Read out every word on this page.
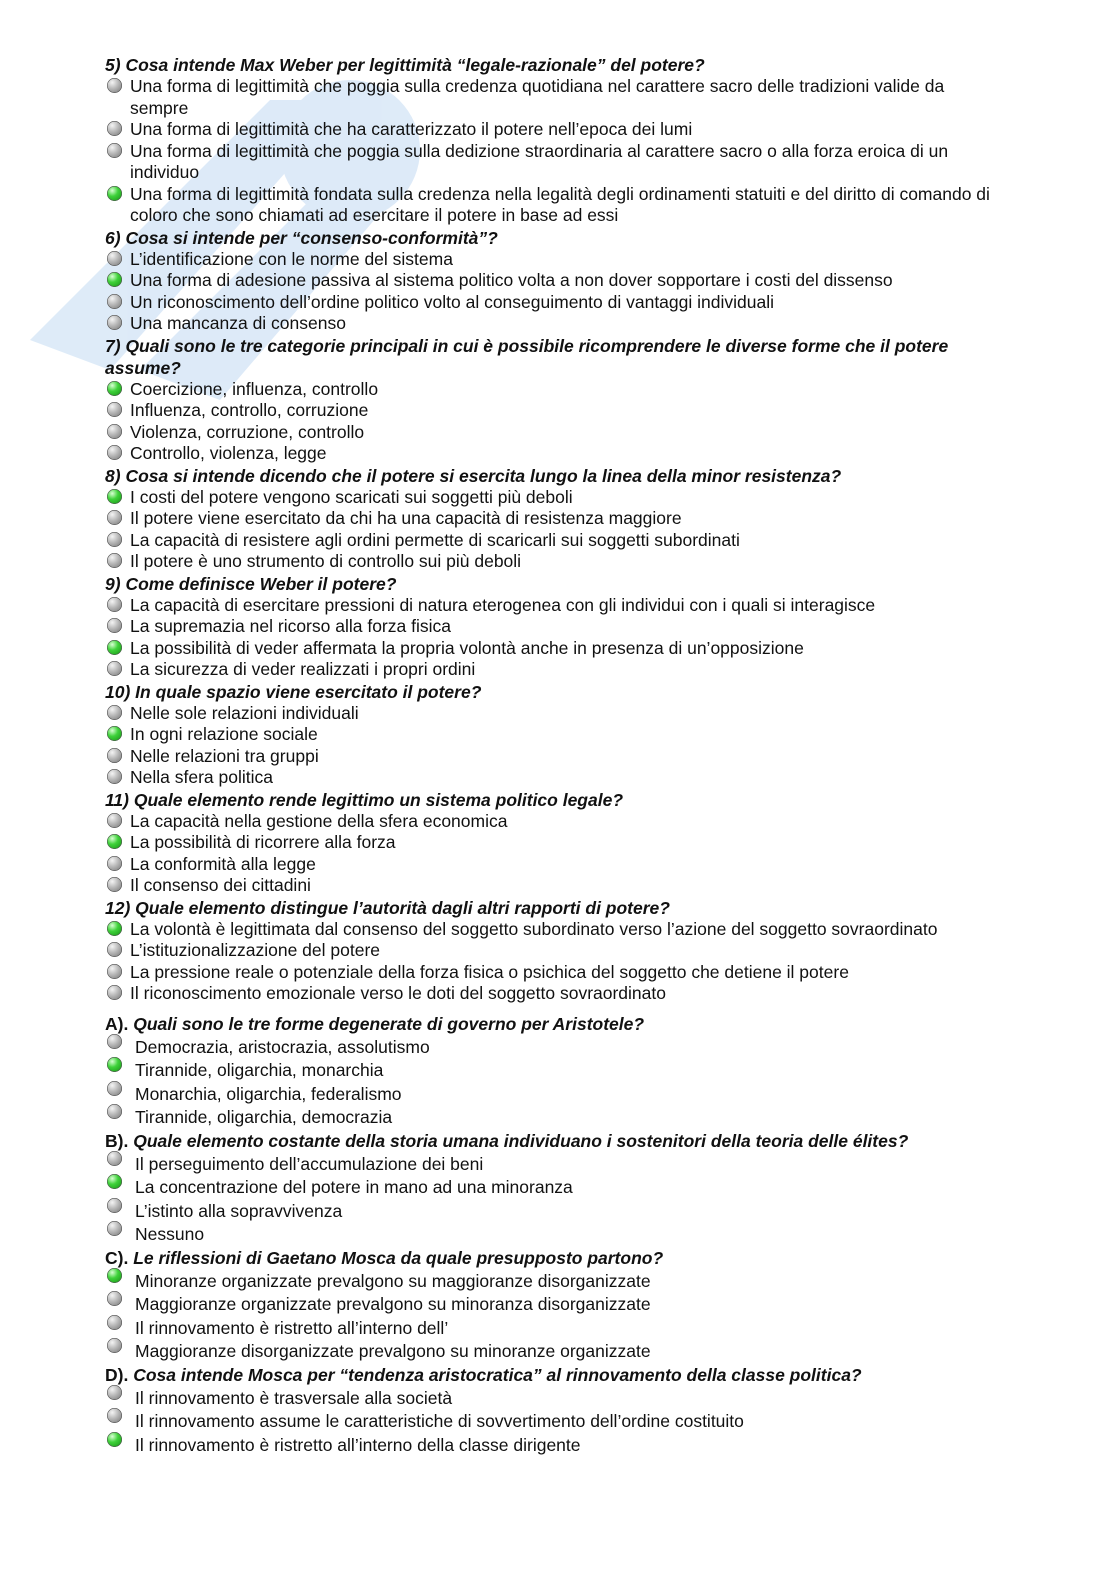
5) Cosa intende Max Weber per legittimità “legale-razionale” del potere?

Una forma di legittimità che poggia sulla credenza quotidiana nel carattere sacro delle tradizioni valide da sempre

Una forma di legittimità che ha caratterizzato il potere nell’epoca dei lumi

Una forma di legittimità che poggia sulla dedizione straordinaria al carattere sacro o alla forza eroica di un individuo

Una forma di legittimità fondata sulla credenza nella legalità degli ordinamenti statuiti e del diritto di comando di coloro che sono chiamati ad esercitare il potere in base ad essi

6) Cosa si intende per “consenso-conformità”?

L’identificazione con le norme del sistema

Una forma di adesione passiva al sistema politico volta a non dover sopportare i costi del dissenso

Un riconoscimento dell’ordine politico volto al conseguimento di vantaggi individuali

Una mancanza di consenso

7) Quali sono le tre categorie principali in cui è possibile ricomprendere le diverse forme che il potere assume?

Coercizione, influenza, controllo

Influenza, controllo, corruzione

Violenza, corruzione, controllo

Controllo, violenza, legge

8) Cosa si intende dicendo che il potere si esercita lungo la linea della minor resistenza?

I costi del potere vengono scaricati sui soggetti più deboli

Il potere viene esercitato da chi ha una capacità di resistenza maggiore

La capacità di resistere agli ordini permette di scaricarli sui soggetti subordinati

Il potere è uno strumento di controllo sui più deboli

9) Come definisce Weber il potere?

La capacità di esercitare pressioni di natura eterogenea con gli individui con i quali si interagisce

La supremazia nel ricorso alla forza fisica

La possibilità di veder affermata la propria volontà anche in presenza di un’opposizione

La sicurezza di veder realizzati i propri ordini

10) In quale spazio viene esercitato il potere?

Nelle sole relazioni individuali

In ogni relazione sociale

Nelle relazioni tra gruppi

Nella sfera politica

11) Quale elemento rende legittimo un sistema politico legale?

La capacità nella gestione della sfera economica

La possibilità di ricorrere alla forza

La conformità alla legge

Il consenso dei cittadini

12) Quale elemento distingue l’autorità dagli altri rapporti di potere?

La volontà è legittimata dal consenso del soggetto subordinato verso l’azione del soggetto sovraordinato

L’istituzionalizzazione del potere

La pressione reale o potenziale della forza fisica o psichica del soggetto che detiene il potere

Il riconoscimento emozionale verso le doti del soggetto sovraordinato

A). Quali sono le tre forme degenerate di governo per Aristotele?

Democrazia, aristocrazia, assolutismo

Tirannide, oligarchia, monarchia

Monarchia, oligarchia, federalismo

Tirannide, oligarchia, democrazia

B). Quale elemento costante della storia umana individuano i sostenitori della teoria delle élites?

Il perseguimento dell’accumulazione dei beni

La concentrazione del potere in mano ad una minoranza

L’istinto alla sopravvivenza

Nessuno

C). Le riflessioni di Gaetano Mosca da quale presupposto partono?

Minoranze organizzate prevalgono su maggioranze disorganizzate

Maggioranze organizzate prevalgono su minoranza disorganizzate

Il rinnovamento è ristretto all’interno dell’

Maggioranze disorganizzate prevalgono su minoranze organizzate

D). Cosa intende Mosca per “tendenza aristocratica” al rinnovamento della classe politica?

Il rinnovamento è trasversale alla società

Il rinnovamento assume le caratteristiche di sovvertimento dell’ordine costituito

Il rinnovamento è ristretto all’interno della classe dirigente
